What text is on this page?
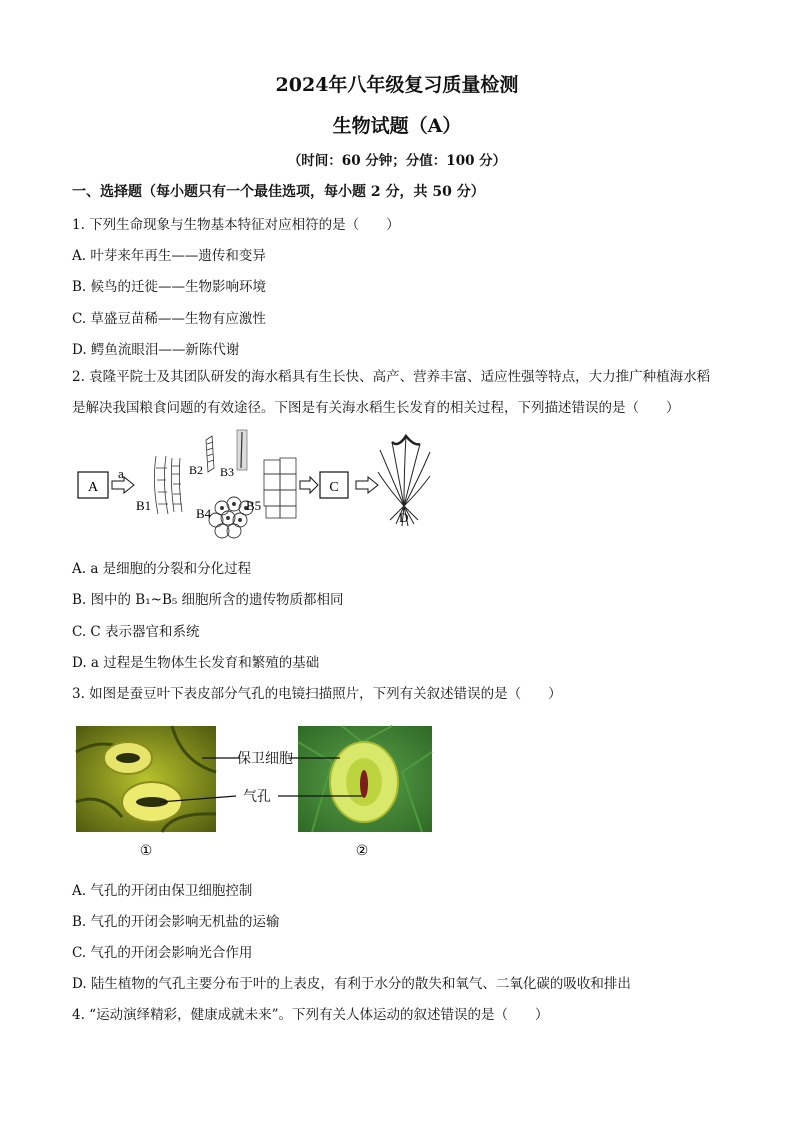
2024年八年级复习质量检测
生物试题（A）
（时间：60 分钟；分值：100 分）
一、选择题（每小题只有一个最佳选项，每小题 2 分，共 50 分）
1. 下列生命现象与生物基本特征对应相符的是（　　）
A. 叶芽来年再生——遗传和变异
B. 候鸟的迁徙——生物影响环境
C. 草盛豆苗稀——生物有应激性
D. 鳄鱼流眼泪——新陈代谢
2. 袁隆平院士及其团队研发的海水稻具有生长快、高产、营养丰富、适应性强等特点，大力推广种植海水稻是解决我国粮食问题的有效途径。下图是有关海水稻生长发育的相关过程，下列描述错误的是（　　）
A
a
B1
B2 B3
B4
B5
C
D
A. a 是细胞的分裂和分化过程
B. 图中的 B₁~B₅ 细胞所含的遗传物质都相同
C. C 表示器官和系统
D. a 过程是生物体生长发育和繁殖的基础
3. 如图是蚕豆叶下表皮部分气孔的电镜扫描照片，下列有关叙述错误的是（　　）
保卫细胞
气孔
①	②
A. 气孔的开闭由保卫细胞控制
B. 气孔的开闭会影响无机盐的运输
C. 气孔的开闭会影响光合作用
D. 陆生植物的气孔主要分布于叶的上表皮，有利于水分的散失和氧气、二氧化碳的吸收和排出
4. “运动演绎精彩，健康成就未来”。下列有关人体运动的叙述错误的是（　　）
